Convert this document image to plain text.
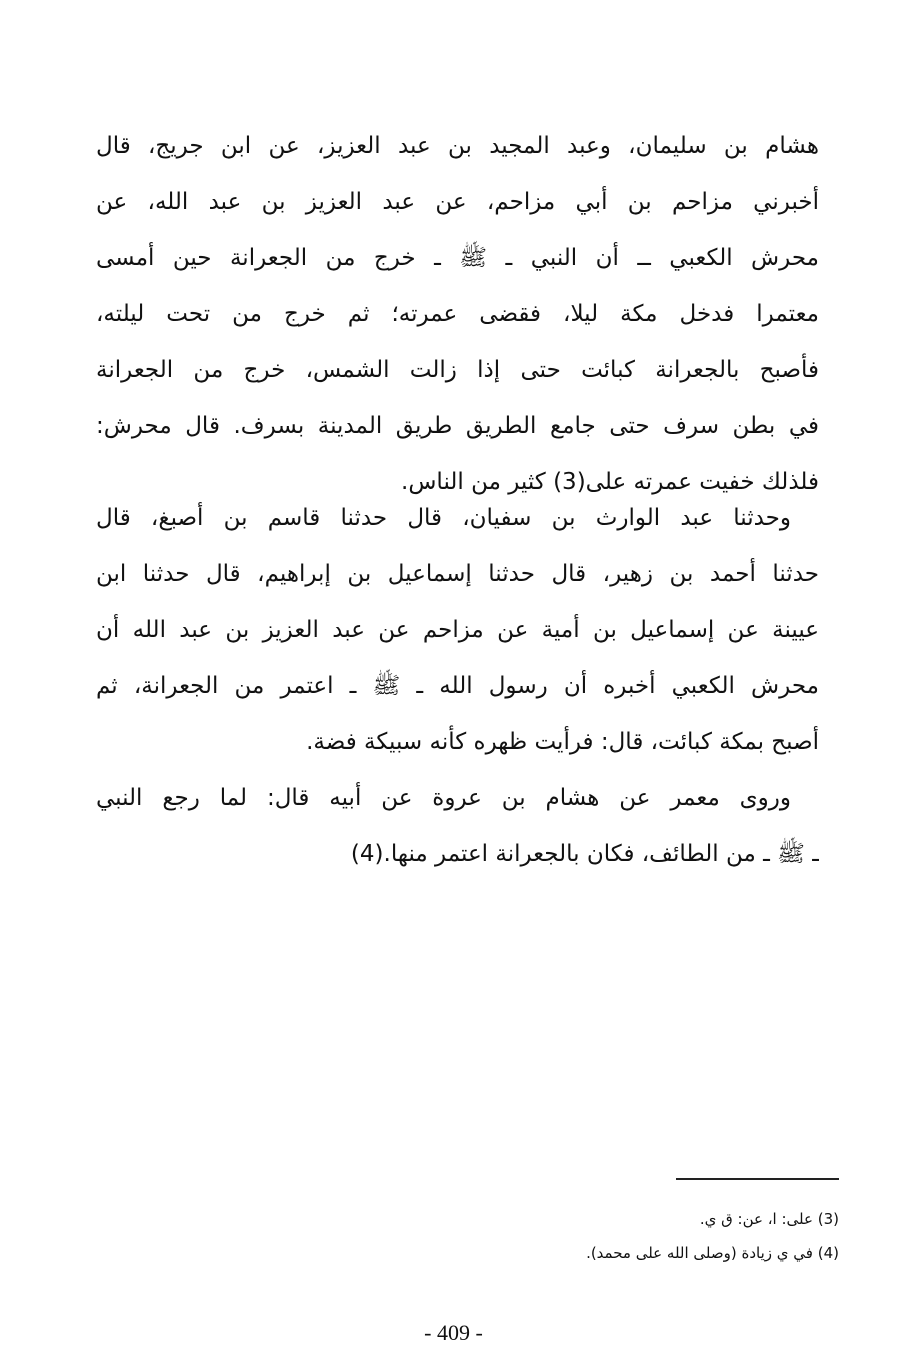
هشام بن سليمان، وعبد المجيد بن عبد العزيز، عن ابن جريج، قال
أخبرني مزاحم بن أبي مزاحم، عن عبد العزيز بن عبد الله، عن
محرش الكعبي ــ أن النبي ـ ﷺ ـ خرج من الجعرانة حين أمسى
معتمرا فدخل مكة ليلا، فقضى عمرته؛ ثم خرج من تحت ليلته،
فأصبح بالجعرانة كبائت حتى إذا زالت الشمس، خرج من الجعرانة
في بطن سرف حتى جامع الطريق طريق المدينة بسرف. قال محرش:
فلذلك خفيت عمرته على(3) كثير من الناس.
وحدثنا عبد الوارث بن سفيان، قال حدثنا قاسم بن أصبغ، قال
حدثنا أحمد بن زهير، قال حدثنا إسماعيل بن إبراهيم، قال حدثنا ابن
عيينة عن إسماعيل بن أمية عن مزاحم عن عبد العزيز بن عبد الله أن
محرش الكعبي أخبره أن رسول الله ـ ﷺ ـ اعتمر من الجعرانة، ثم
أصبح بمكة كبائت، قال: فرأيت ظهره كأنه سبيكة فضة.
وروى معمر عن هشام بن عروة عن أبيه قال: لما رجع النبي
ـ ﷺ ـ من الطائف، فكان بالجعرانة اعتمر منها.(4)
(3) على: ا، عن: ق ي.
(4) في ي زيادة (وصلى الله على محمد).
- 409 -
